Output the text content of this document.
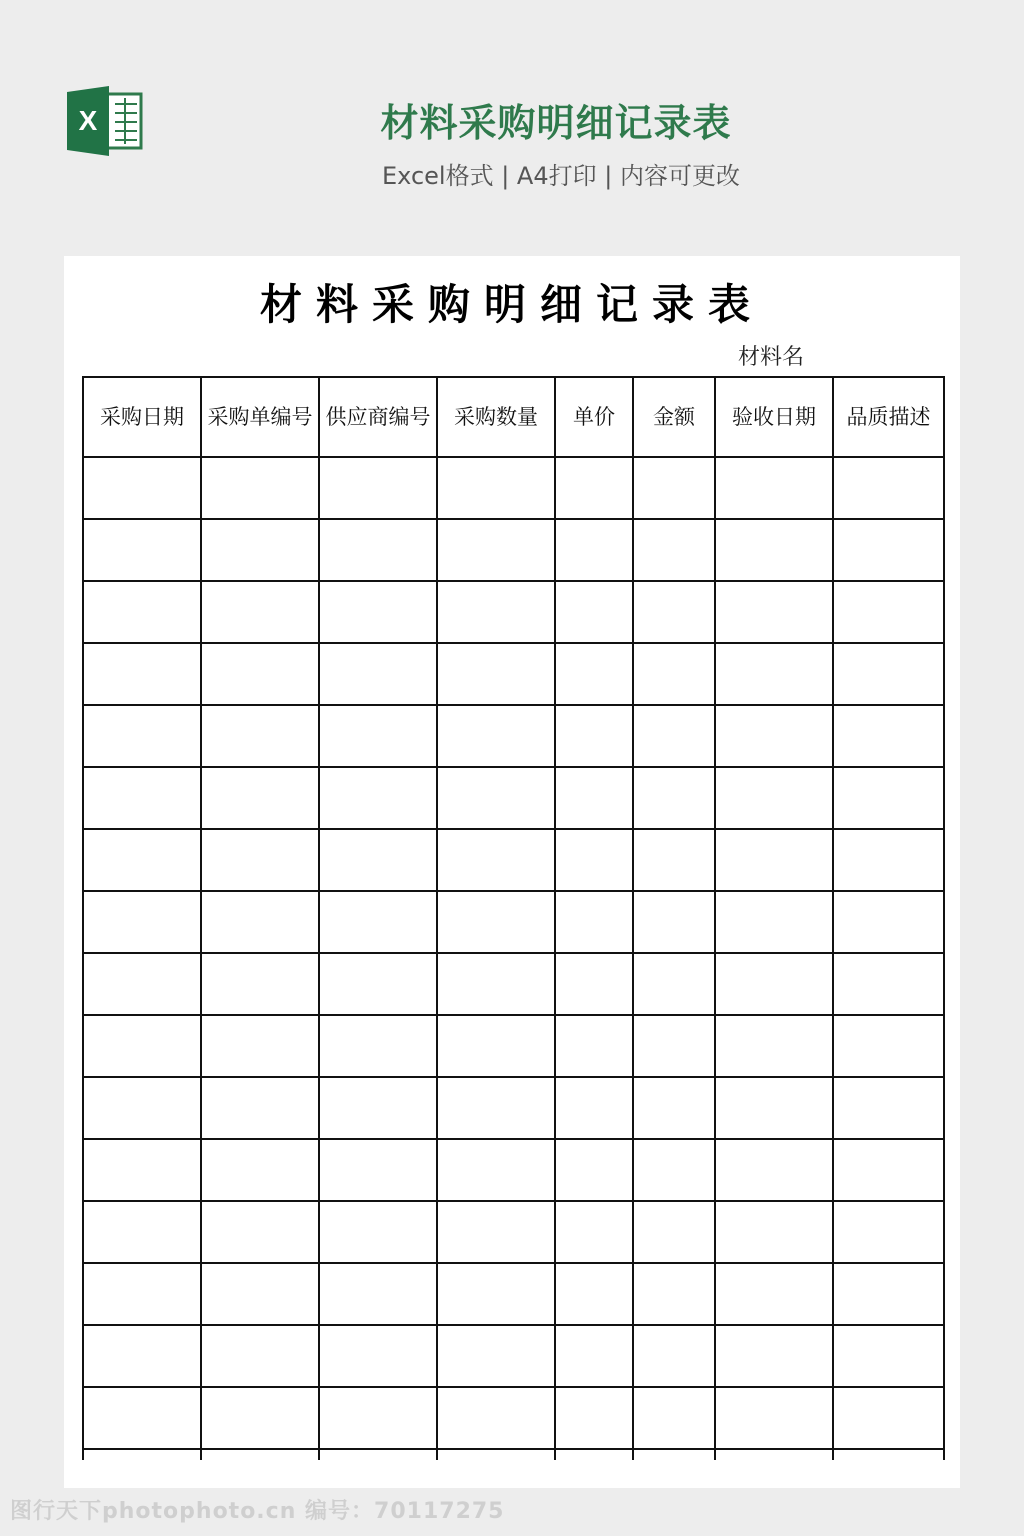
X	材料采购明细记录表
Excel格式 | A4打印 | 内容可更改
材料采购明细记录表
材料名
采购日期	采购单编号	供应商编号	采购数量	单价	金额	验收日期	品质描述

图行天下photophoto.cn 编号：70117275
